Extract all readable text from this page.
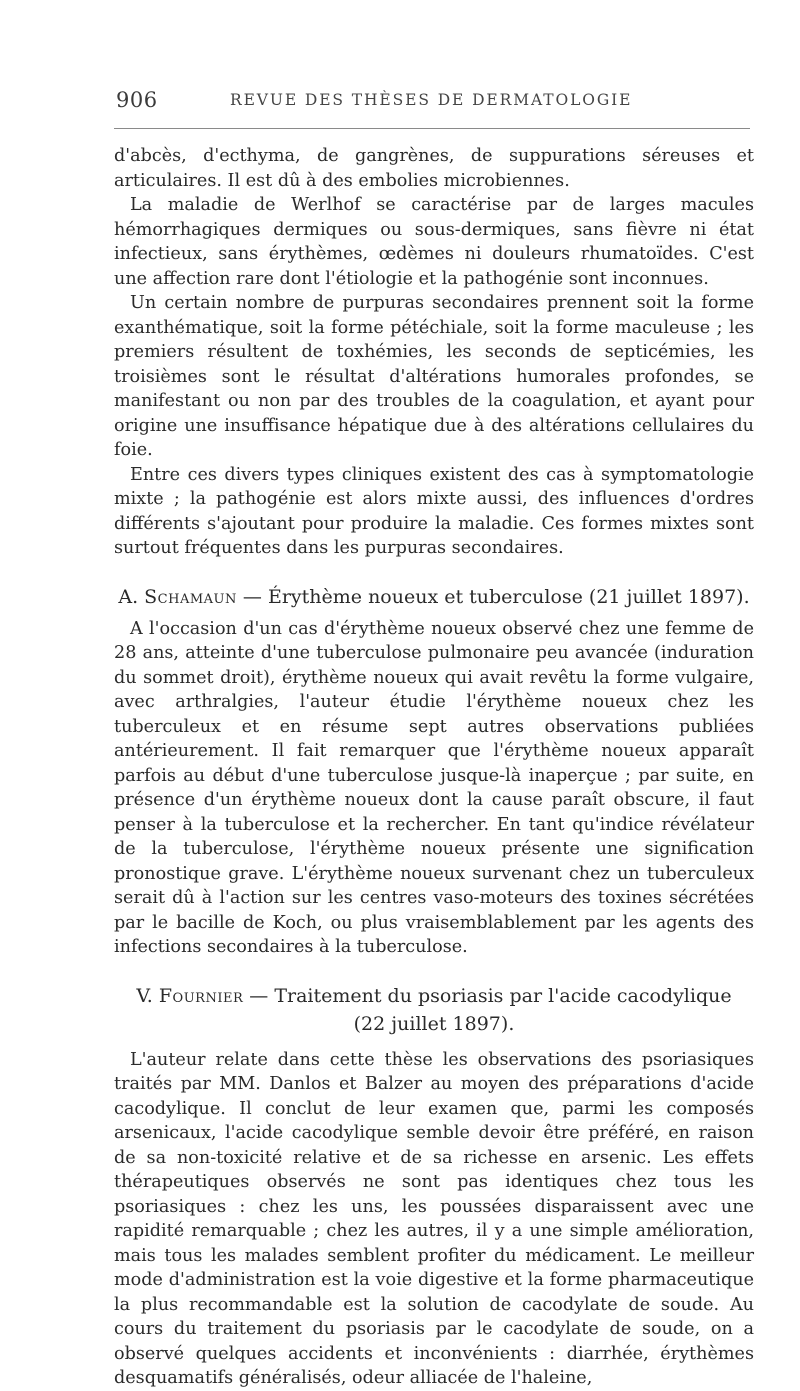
906	REVUE DES THÈSES DE DERMATOLOGIE

d'abcès, d'ecthyma, de gangrènes, de suppurations séreuses et articulaires. Il est dû à des embolies microbiennes.

La maladie de Werlhof se caractérise par de larges macules hémorrhagiques dermiques ou sous-dermiques, sans fièvre ni état infectieux, sans érythèmes, œdèmes ni douleurs rhumatoïdes. C'est une affection rare dont l'étiologie et la pathogénie sont inconnues.

Un certain nombre de purpuras secondaires prennent soit la forme exanthématique, soit la forme pétéchiale, soit la forme maculeuse ; les premiers résultent de toxhémies, les seconds de septicémies, les troisièmes sont le résultat d'altérations humorales profondes, se manifestant ou non par des troubles de la coagulation, et ayant pour origine une insuffisance hépatique due à des altérations cellulaires du foie.

Entre ces divers types cliniques existent des cas à symptomatologie mixte ; la pathogénie est alors mixte aussi, des influences d'ordres différents s'ajoutant pour produire la maladie. Ces formes mixtes sont surtout fréquentes dans les purpuras secondaires.

A. Schamaun — Érythème noueux et tuberculose (21 juillet 1897).

A l'occasion d'un cas d'érythème noueux observé chez une femme de 28 ans, atteinte d'une tuberculose pulmonaire peu avancée (induration du sommet droit), érythème noueux qui avait revêtu la forme vulgaire, avec arthralgies, l'auteur étudie l'érythème noueux chez les tuberculeux et en résume sept autres observations publiées antérieurement. Il fait remarquer que l'érythème noueux apparaît parfois au début d'une tuberculose jusque-là inaperçue ; par suite, en présence d'un érythème noueux dont la cause paraît obscure, il faut penser à la tuberculose et la rechercher. En tant qu'indice révélateur de la tuberculose, l'érythème noueux présente une signification pronostique grave. L'érythème noueux survenant chez un tuberculeux serait dû à l'action sur les centres vaso-moteurs des toxines sécrétées par le bacille de Koch, ou plus vraisemblablement par les agents des infections secondaires à la tuberculose.

V. Fournier — Traitement du psoriasis par l'acide cacodylique
(22 juillet 1897).

L'auteur relate dans cette thèse les observations des psoriasiques traités par MM. Danlos et Balzer au moyen des préparations d'acide cacodylique. Il conclut de leur examen que, parmi les composés arsenicaux, l'acide cacodylique semble devoir être préféré, en raison de sa non-toxicité relative et de sa richesse en arsenic. Les effets thérapeutiques observés ne sont pas identiques chez tous les psoriasiques : chez les uns, les poussées disparaissent avec une rapidité remarquable ; chez les autres, il y a une simple amélioration, mais tous les malades semblent profiter du médicament. Le meilleur mode d'administration est la voie digestive et la forme pharmaceutique la plus recommandable est la solution de cacodylate de soude. Au cours du traitement du psoriasis par le cacodylate de soude, on a observé quelques accidents et inconvénients : diarrhée, érythèmes desquamatifs généralisés, odeur alliacée de l'haleine,
